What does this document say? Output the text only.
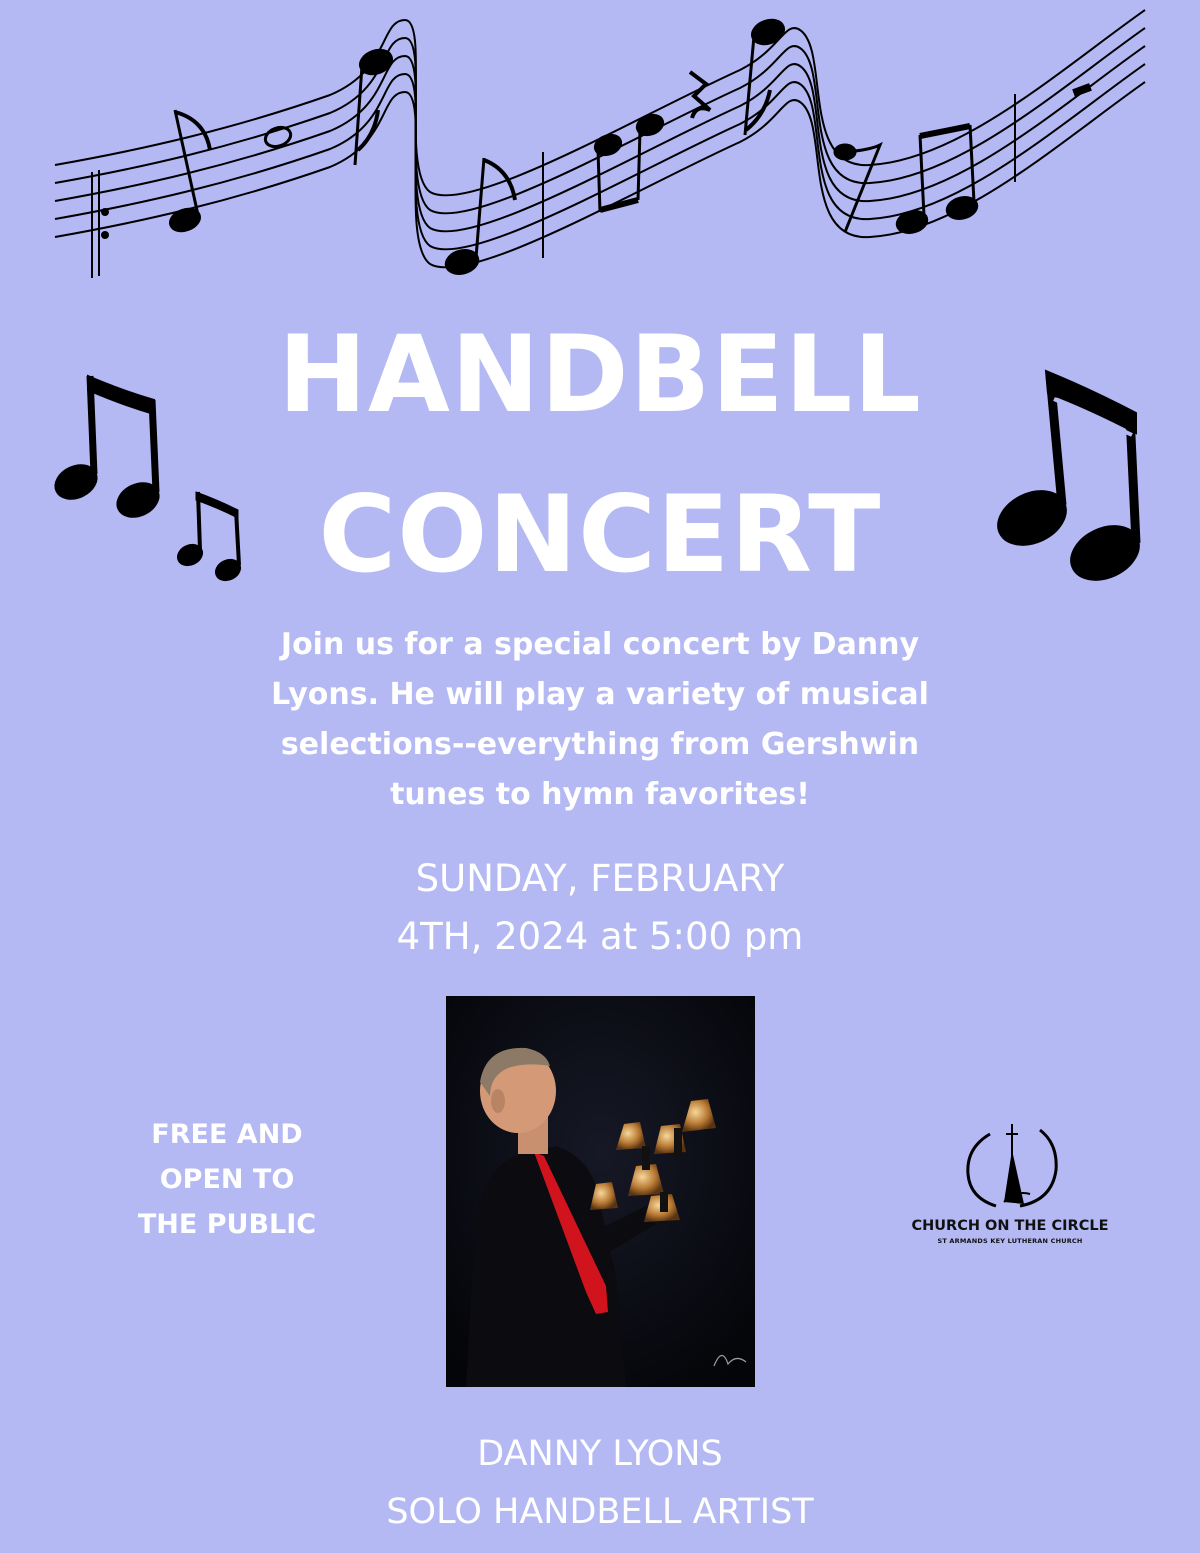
HANDBELL
CONCERT
Join us for a special concert by Danny
Lyons. He will play a variety of musical
selections--everything from Gershwin
tunes to hymn favorites!
SUNDAY, FEBRUARY
4TH, 2024 at 5:00 pm
FREE AND
OPEN TO
THE PUBLIC	CHURCH ON THE CIRCLE
ST ARMANDS KEY LUTHERAN CHURCH
DANNY LYONS
SOLO HANDBELL ARTIST
